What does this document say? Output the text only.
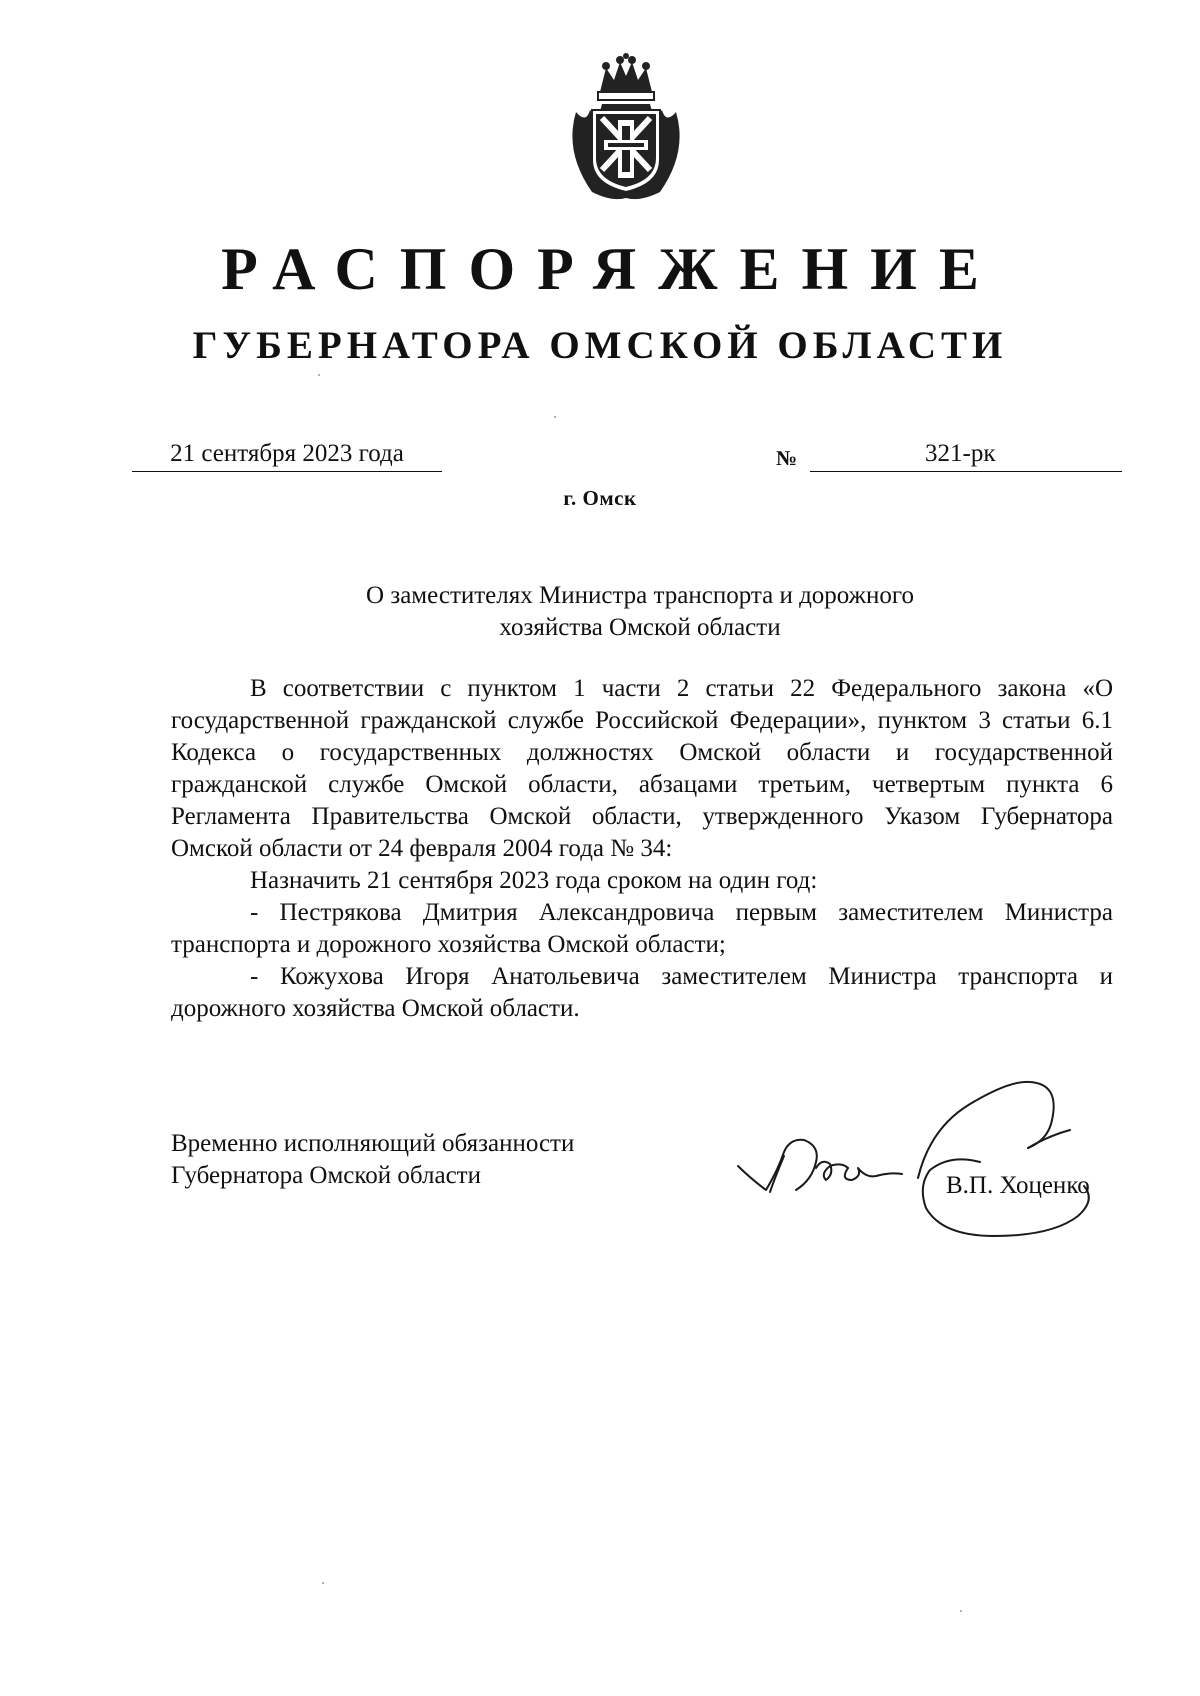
РАСПОРЯЖЕНИЕ
ГУБЕРНАТОРА ОМСКОЙ ОБЛАСТИ
21 сентября 2023 года	№	321-рк
г. Омск
О заместителях Министра транспорта и дорожного
хозяйства Омской области

В соответствии с пунктом 1 части 2 статьи 22 Федерального закона «О государственной гражданской службе Российской Федерации», пунктом 3 статьи 6.1 Кодекса о государственных должностях Омской области и государственной гражданской службе Омской области, абзацами третьим, четвертым пункта 6 Регламента Правительства Омской области, утвержденного Указом Губернатора Омской области от 24 февраля 2004 года № 34:

Назначить 21 сентября 2023 года сроком на один год:

- Пестрякова Дмитрия Александровича первым заместителем Министра транспорта и дорожного хозяйства Омской области;

- Кожухова Игоря Анатольевича заместителем Министра транспорта и дорожного хозяйства Омской области.

Временно исполняющий обязанности
Губернатора Омской области	В.П. Хоценко
